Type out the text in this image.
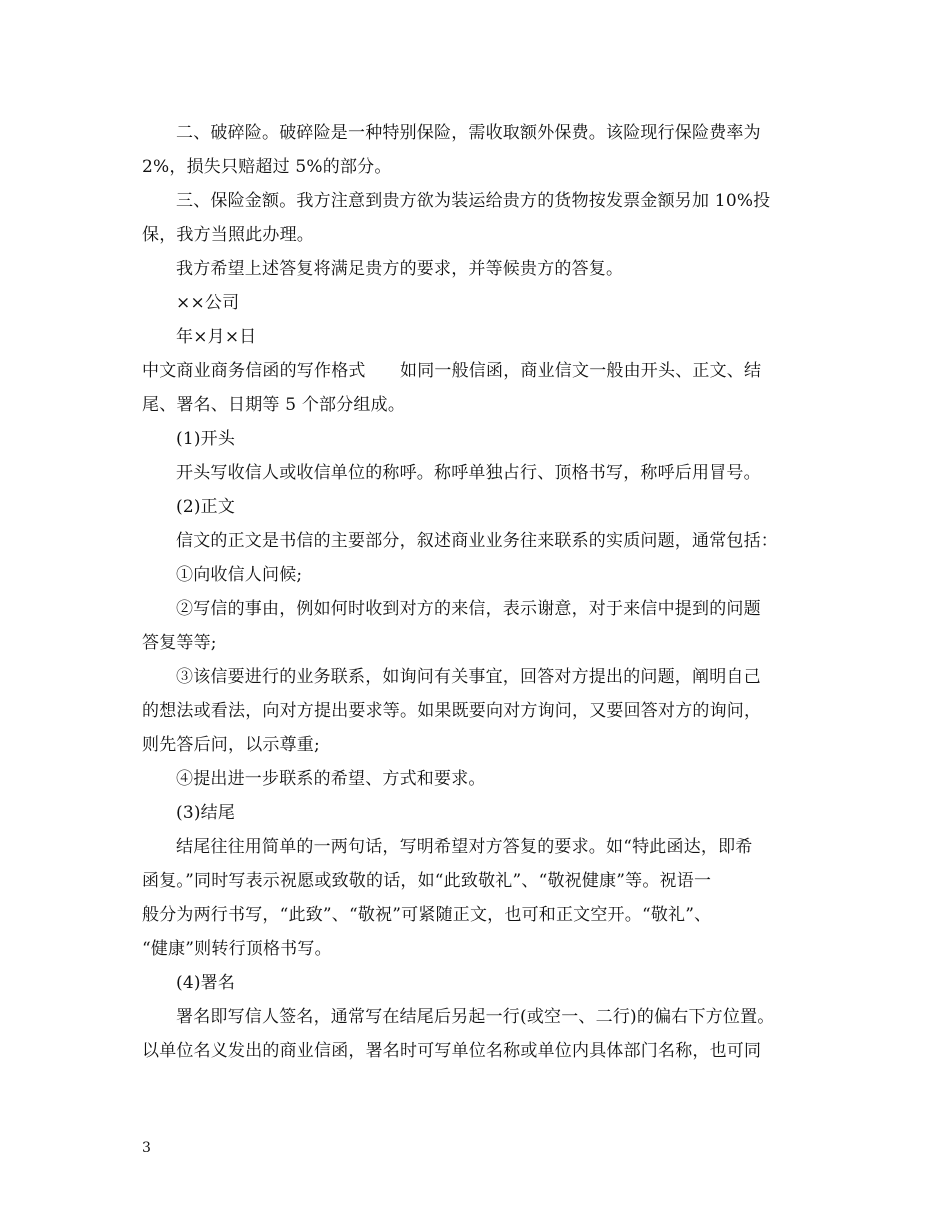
二、破碎险。破碎险是一种特别保险，需收取额外保费。该险现行保险费率为
2%，损失只赔超过 5%的部分。
三、保险金额。我方注意到贵方欲为装运给贵方的货物按发票金额另加 10%投
保，我方当照此办理。
我方希望上述答复将满足贵方的要求，并等候贵方的答复。
××公司
年×月×日
中文商业商务信函的写作格式　　如同一般信函，商业信文一般由开头、正文、结
尾、署名、日期等 5 个部分组成。
(1)开头
开头写收信人或收信单位的称呼。称呼单独占行、顶格书写，称呼后用冒号。
(2)正文
信文的正文是书信的主要部分，叙述商业业务往来联系的实质问题，通常包括：
①向收信人问候;
②写信的事由，例如何时收到对方的来信，表示谢意，对于来信中提到的问题
答复等等;
③该信要进行的业务联系，如询问有关事宜，回答对方提出的问题，阐明自己
的想法或看法，向对方提出要求等。如果既要向对方询问，又要回答对方的询问，
则先答后问，以示尊重;
④提出进一步联系的希望、方式和要求。
(3)结尾
结尾往往用简单的一两句话，写明希望对方答复的要求。如“特此函达，即希
函复。”同时写表示祝愿或致敬的话，如“此致敬礼”、“敬祝健康”等。祝语一
般分为两行书写，“此致”、“敬祝”可紧随正文，也可和正文空开。“敬礼”、
“健康”则转行顶格书写。
(4)署名
署名即写信人签名，通常写在结尾后另起一行(或空一、二行)的偏右下方位置。
以单位名义发出的商业信函，署名时可写单位名称或单位内具体部门名称，也可同
3
